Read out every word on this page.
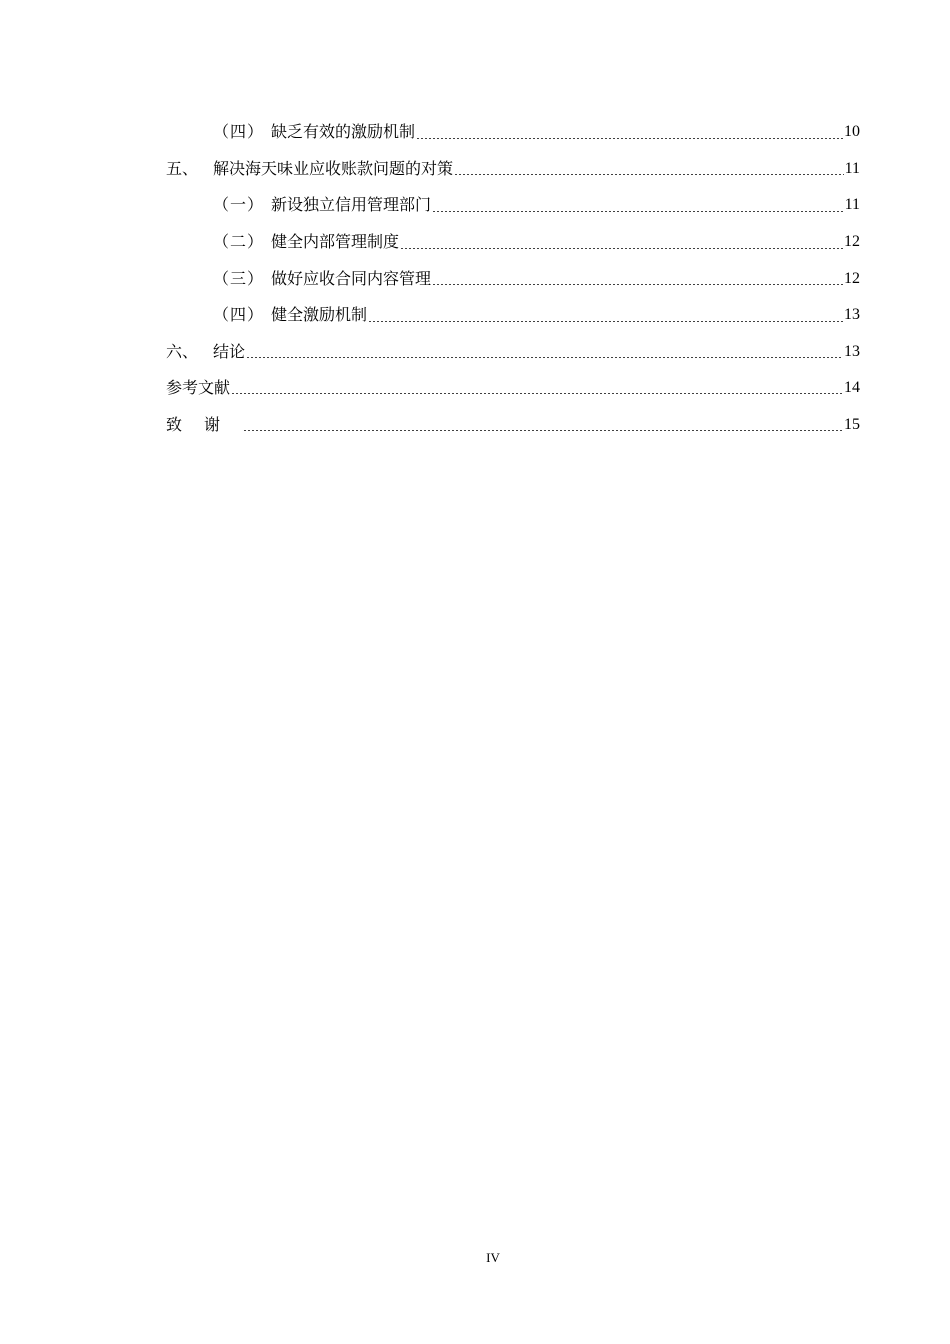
（四） 缺乏有效的激励机制	10
五、 解决海天味业应收账款问题的对策	11
（一） 新设独立信用管理部门	11
（二） 健全内部管理制度	12
（三） 做好应收合同内容管理	12
（四） 健全激励机制	13
六、 结论	13
参考文献	14
致谢	15
IV
